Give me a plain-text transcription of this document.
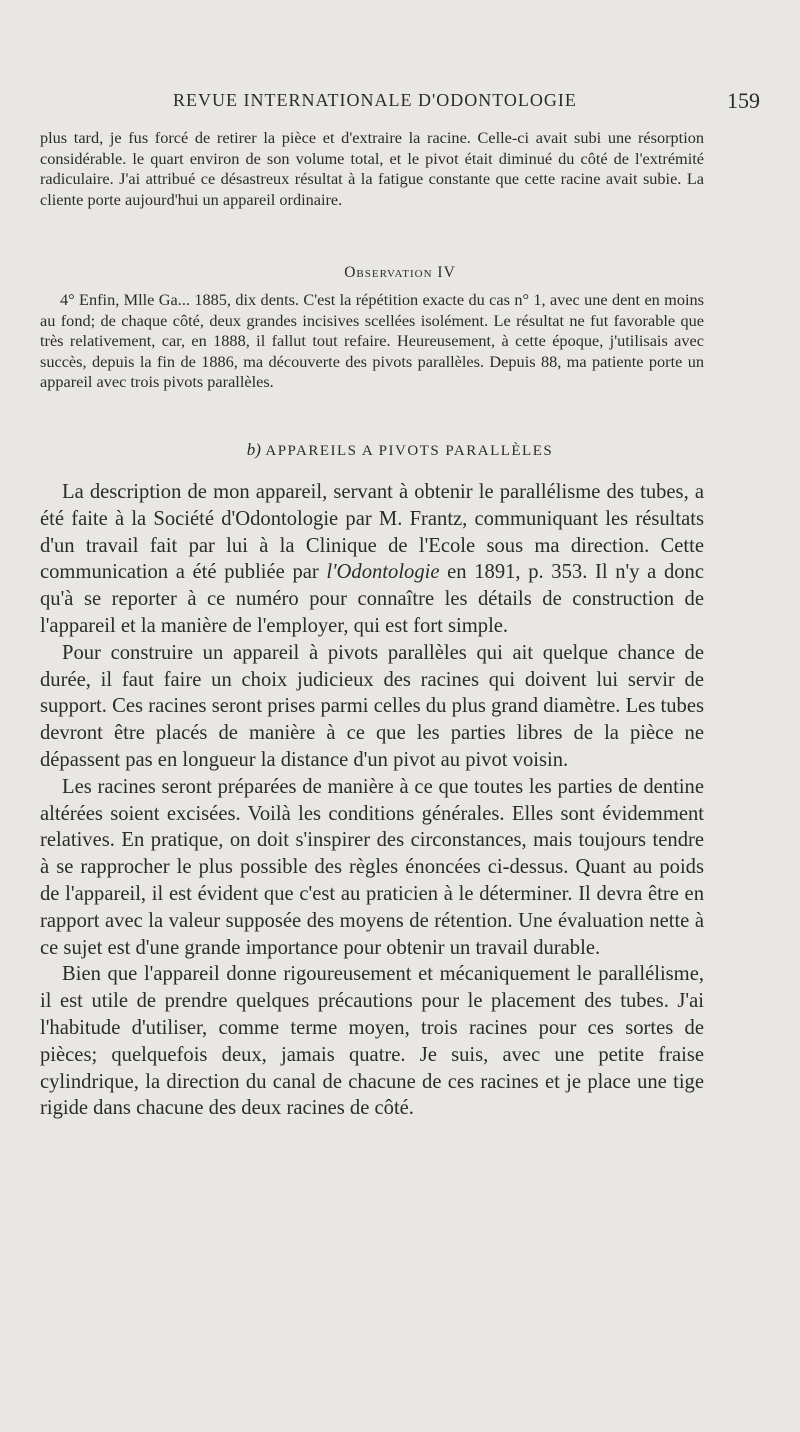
REVUE INTERNATIONALE D'ODONTOLOGIE	159

plus tard, je fus forcé de retirer la pièce et d'extraire la racine. Celle-ci avait subi une résorption considérable. le quart environ de son volume total, et le pivot était diminué du côté de l'extrémité radiculaire. J'ai attribué ce désastreux résultat à la fatigue constante que cette racine avait subie. La cliente porte aujourd'hui un appareil ordinaire.

Observation IV

4° Enfin, Mlle Ga... 1885, dix dents. C'est la répétition exacte du cas n° 1, avec une dent en moins au fond; de chaque côté, deux grandes incisives scellées isolément. Le résultat ne fut favorable que très relativement, car, en 1888, il fallut tout refaire. Heureusement, à cette époque, j'utilisais avec succès, depuis la fin de 1886, ma découverte des pivots parallèles. Depuis 88, ma patiente porte un appareil avec trois pivots parallèles.

b) APPAREILS A PIVOTS PARALLÈLES

La description de mon appareil, servant à obtenir le parallélisme des tubes, a été faite à la Société d'Odontologie par M. Frantz, communiquant les résultats d'un travail fait par lui à la Clinique de l'Ecole sous ma direction. Cette communication a été publiée par l'Odontologie en 1891, p. 353. Il n'y a donc qu'à se reporter à ce numéro pour connaître les détails de construction de l'appareil et la manière de l'employer, qui est fort simple.

Pour construire un appareil à pivots parallèles qui ait quelque chance de durée, il faut faire un choix judicieux des racines qui doivent lui servir de support. Ces racines seront prises parmi celles du plus grand diamètre. Les tubes devront être placés de manière à ce que les parties libres de la pièce ne dépassent pas en longueur la distance d'un pivot au pivot voisin.

Les racines seront préparées de manière à ce que toutes les parties de dentine altérées soient excisées. Voilà les conditions générales. Elles sont évidemment relatives. En pratique, on doit s'inspirer des circonstances, mais toujours tendre à se rapprocher le plus possible des règles énoncées ci-dessus. Quant au poids de l'appareil, il est évident que c'est au praticien à le déterminer. Il devra être en rapport avec la valeur supposée des moyens de rétention. Une évaluation nette à ce sujet est d'une grande importance pour obtenir un travail durable.

Bien que l'appareil donne rigoureusement et mécaniquement le parallélisme, il est utile de prendre quelques précautions pour le placement des tubes. J'ai l'habitude d'utiliser, comme terme moyen, trois racines pour ces sortes de pièces; quelquefois deux, jamais quatre. Je suis, avec une petite fraise cylindrique, la direction du canal de chacune de ces racines et je place une tige rigide dans chacune des deux racines de côté.
